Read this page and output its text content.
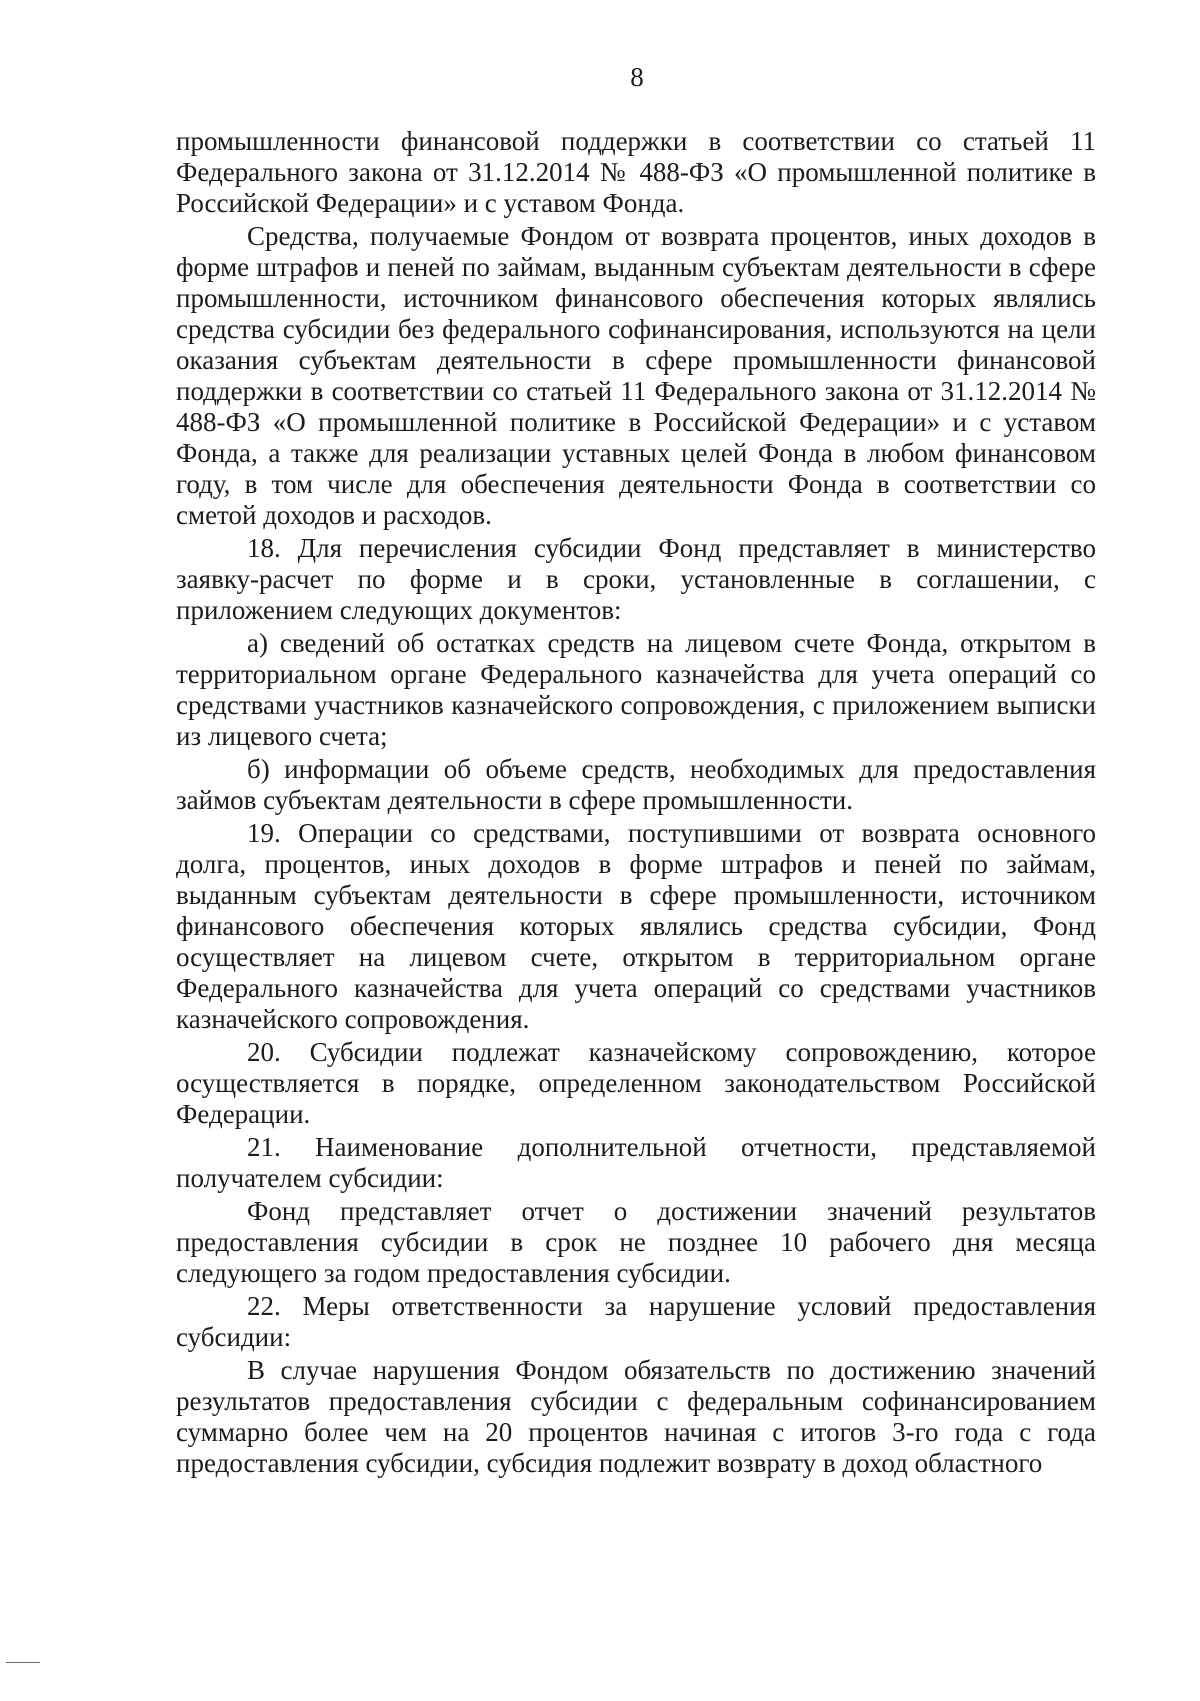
8

промышленности финансовой поддержки в соответствии со статьей 11 Федерального закона от 31.12.2014 № 488-ФЗ «О промышленной политике в Российской Федерации» и с уставом Фонда.

Средства, получаемые Фондом от возврата процентов, иных доходов в форме штрафов и пеней по займам, выданным субъектам деятельности в сфере промышленности, источником финансового обеспечения которых являлись средства субсидии без федерального софинансирования, используются на цели оказания субъектам деятельности в сфере промышленности финансовой поддержки в соответствии со статьей 11 Федерального закона от 31.12.2014 № 488-ФЗ «О промышленной политике в Российской Федерации» и с уставом Фонда, а также для реализации уставных целей Фонда в любом финансовом году, в том числе для обеспечения деятельности Фонда в соответствии со сметой доходов и расходов.

18. Для перечисления субсидии Фонд представляет в министерство заявку-расчет по форме и в сроки, установленные в соглашении, с приложением следующих документов:

а) сведений об остатках средств на лицевом счете Фонда, открытом в территориальном органе Федерального казначейства для учета операций со средствами участников казначейского сопровождения, с приложением выписки из лицевого счета;

б) информации об объеме средств, необходимых для предоставления займов субъектам деятельности в сфере промышленности.

19. Операции со средствами, поступившими от возврата основного долга, процентов, иных доходов в форме штрафов и пеней по займам, выданным субъектам деятельности в сфере промышленности, источником финансового обеспечения которых являлись средства субсидии, Фонд осуществляет на лицевом счете, открытом в территориальном органе Федерального казначейства для учета операций со средствами участников казначейского сопровождения.

20. Субсидии подлежат казначейскому сопровождению, которое осуществляется в порядке, определенном законодательством Российской Федерации.

21. Наименование дополнительной отчетности, представляемой получателем субсидии:

Фонд представляет отчет о достижении значений результатов предоставления субсидии в срок не позднее 10 рабочего дня месяца следующего за годом предоставления субсидии.

22. Меры ответственности за нарушение условий предоставления субсидии:

В случае нарушения Фондом обязательств по достижению значений результатов предоставления субсидии с федеральным софинансированием суммарно более чем на 20 процентов начиная с итогов 3-го года с года предоставления субсидии, субсидия подлежит возврату в доход областного
